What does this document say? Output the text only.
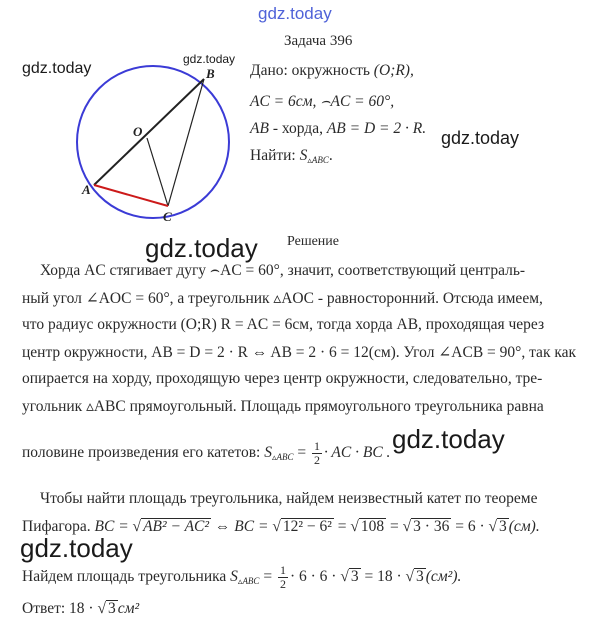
gdz.today
gdz.today
gdz.today
gdz.today
gdz.today
gdz.today
gdz.today
Задача 396
B
O
A
C
Дано: окружность (O;R),
AC = 6см, ⌢AC = 60°,
AB - хорда, AB = D = 2 · R.
Найти: $S_{▵ABC}$.
Решение
Хорда AC стягивает дугу ⌢AC = 60°, значит, соответствующий централь-
ный угол ∠AOC = 60°, а треугольник ▵AOC - равносторонний. Отсюда имеем,
что радиус окружности (O;R) R = AC = 6см, тогда хорда AB, проходящая через
центр окружности, AB = D = 2 · R ⇔ AB = 2 · 6 = 12(см). Угол ∠ACB = 90°, так как
опирается на хорду, проходящую через центр окружности, следовательно, тре-
угольник ▵ABC прямоугольный. Площадь прямоугольного треугольника равна
половине произведения его катетов: $S_{▵ABC} = \frac{1}{2}$ · AC · BC .
Чтобы найти площадь треугольника, найдем неизвестный катет по теореме
Пифагора. BC = √ AB² − AC² ⇔ BC = √ 12² − 6² = √ 108 = √ 3 · 36 = 6 · √ 3 (см).
Найдем площадь треугольника $S_{▵ABC} = \frac{1}{2} \cdot 6 \cdot 6$ · √ 3 = 18 · √ 3 (см²).
Ответ: 18 · √ 3 см²
